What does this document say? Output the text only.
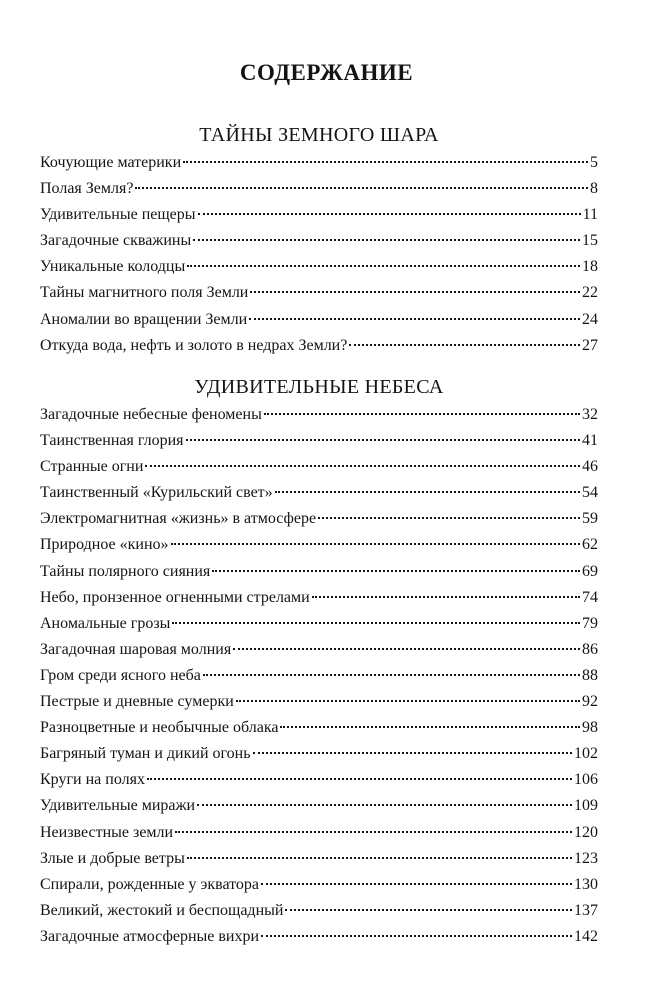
СОДЕРЖАНИЕ
ТАЙНЫ ЗЕМНОГО ШАРА
Кочующие материки	5
Полая Земля?	8
Удивительные пещеры	11
Загадочные скважины	15
Уникальные колодцы	18
Тайны магнитного поля Земли	22
Аномалии во вращении Земли	24
Откуда вода, нефть и золото в недрах Земли?	27
УДИВИТЕЛЬНЫЕ НЕБЕСА
Загадочные небесные феномены	32
Таинственная глория	41
Странные огни	46
Таинственный «Курильский свет»	54
Электромагнитная «жизнь» в атмосфере	59
Природное «кино»	62
Тайны полярного сияния	69
Небо, пронзенное огненными стрелами	74
Аномальные грозы	79
Загадочная шаровая молния	86
Гром среди ясного неба	88
Пестрые и дневные сумерки	92
Разноцветные и необычные облака	98
Багряный туман и дикий огонь	102
Круги на полях	106
Удивительные миражи	109
Неизвестные земли	120
Злые и добрые ветры	123
Спирали, рожденные у экватора	130
Великий, жестокий и беспощадный	137
Загадочные атмосферные вихри	142
